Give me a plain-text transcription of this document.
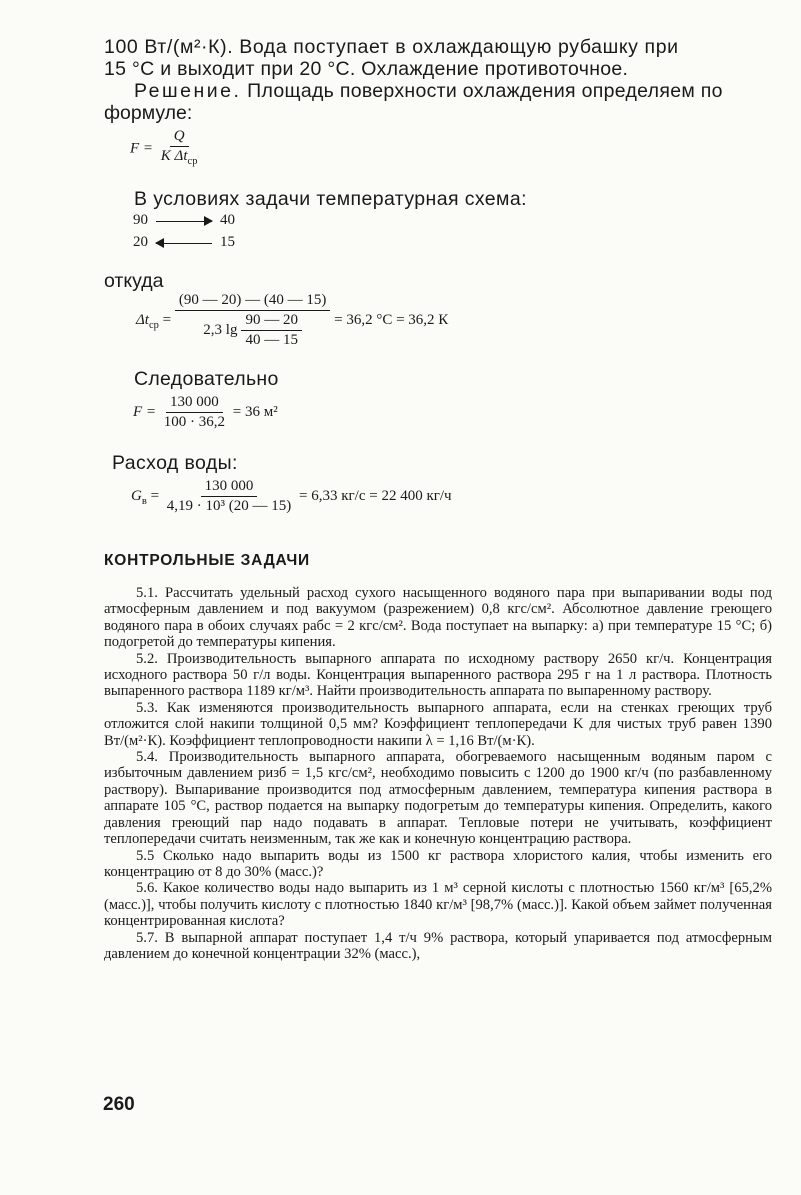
100 Вт/(м²·К). Вода поступает в охлаждающую рубашку при
15 °С и выходит при 20 °С. Охлаждение противоточное.
Решение. Площадь поверхности охлаждения определяем по
формуле:
$F = \frac{Q}{K \Delta t_{ср}}$
В условиях задачи температурная схема:
90	40
20	15
откуда
$\Delta t_{ср} = \frac{(90 — 20) — (40 — 15)}{2,3 \lg \frac{90 — 20}{40 — 15}} = 36,2$ °С = 36,2 К
Следовательно
$F = \frac{130 000}{100 \cdot 36,2} = 36$ м²
Расход воды:
$G_в = \frac{130 000}{\text{4,19 · 10³ (20 — 15)}} = 6,33$ кг/с = 22 400 кг/ч
КОНТРОЛЬНЫЕ ЗАДАЧИ

5.1. Рассчитать удельный расход сухого насыщенного водяного пара при выпаривании воды под атмосферным давлением и под вакуумом (разрежением) 0,8 кгс/см². Абсолютное давление греющего водяного пара в обоих случаях pабс = 2 кгс/см². Вода поступает на выпарку: а) при температуре 15 °С; б) подогретой до температуры кипения.

5.2. Производительность выпарного аппарата по исходному раствору 2650 кг/ч. Концентрация исходного раствора 50 г/л воды. Концентрация выпаренного раствора 295 г на 1 л раствора. Плотность выпаренного раствора 1189 кг/м³. Найти производительность аппарата по выпаренному раствору.

5.3. Как изменяются производительность выпарного аппарата, если на стенках греющих труб отложится слой накипи толщиной 0,5 мм? Коэффициент теплопередачи K для чистых труб равен 1390 Вт/(м²·К). Коэффициент теплопроводности накипи λ = 1,16 Вт/(м·К).

5.4. Производительность выпарного аппарата, обогреваемого насыщенным водяным паром с избыточным давлением pизб = 1,5 кгс/см², необходимо повысить с 1200 до 1900 кг/ч (по разбавленному раствору). Выпаривание производится под атмосферным давлением, температура кипения раствора в аппарате 105 °С, раствор подается на выпарку подогретым до температуры кипения. Определить, какого давления греющий пар надо подавать в аппарат. Тепловые потери не учитывать, коэффициент теплопередачи считать неизменным, так же как и конечную концентрацию раствора.

5.5 Сколько надо выпарить воды из 1500 кг раствора хлористого калия, чтобы изменить его концентрацию от 8 до 30% (масс.)?

5.6. Какое количество воды надо выпарить из 1 м³ серной кислоты с плотностью 1560 кг/м³ [65,2% (масс.)], чтобы получить кислоту с плотностью 1840 кг/м³ [98,7% (масс.)]. Какой объем займет полученная концентрированная кислота?

5.7. В выпарной аппарат поступает 1,4 т/ч 9% раствора, который упаривается под атмосферным давлением до конечной концентрации 32% (масс.),

260
